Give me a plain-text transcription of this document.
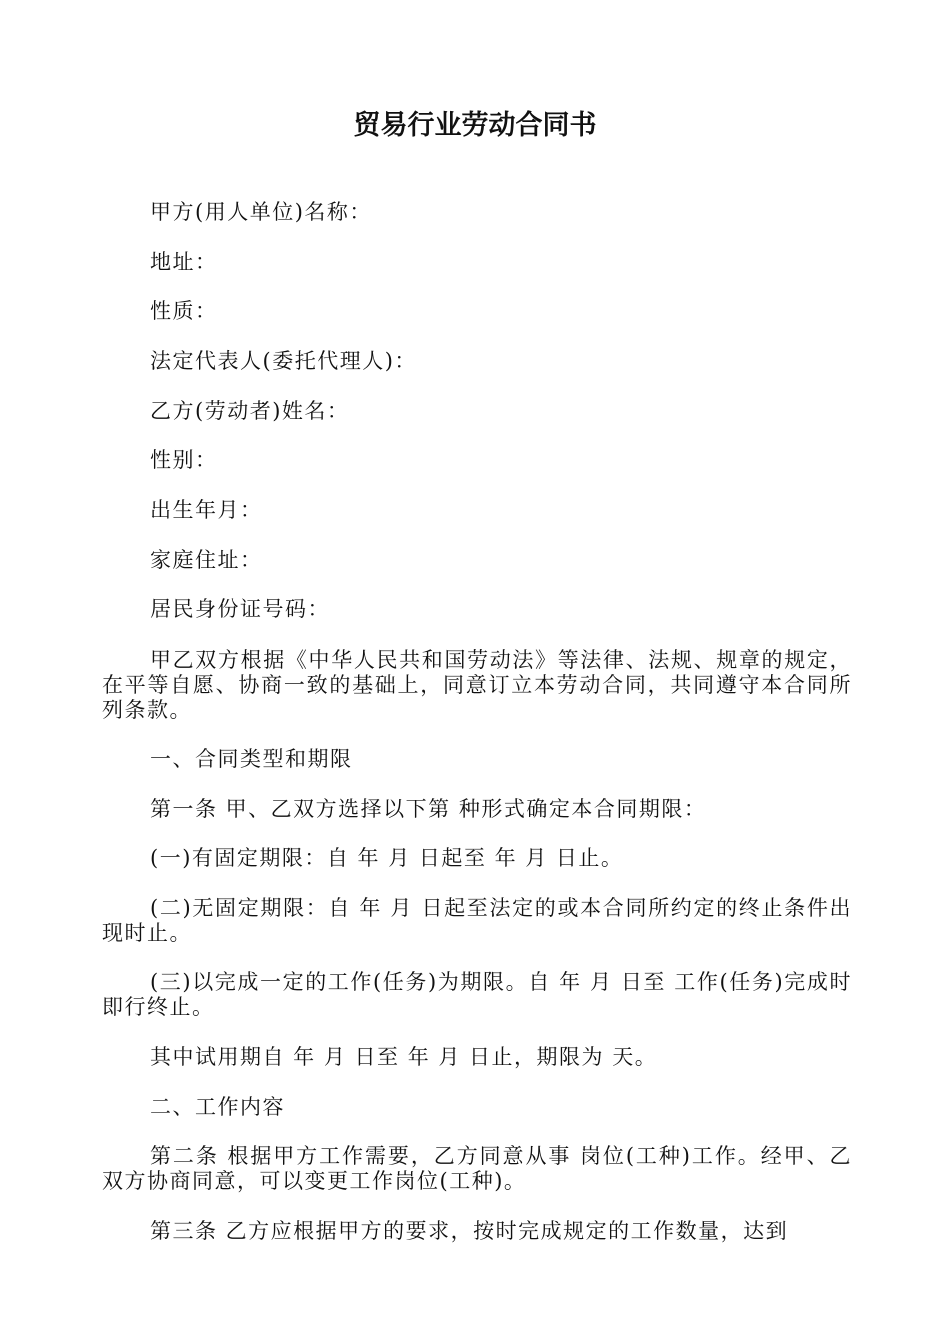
贸易行业劳动合同书
甲方(用人单位)名称：
地址：
性质：
法定代表人(委托代理人)：
乙方(劳动者)姓名：
性别：
出生年月：
家庭住址：
居民身份证号码：
甲乙双方根据《中华人民共和国劳动法》等法律、法规、规章的规定，在平等自愿、协商一致的基础上，同意订立本劳动合同，共同遵守本合同所列条款。
一、合同类型和期限
第一条 甲、乙双方选择以下第 种形式确定本合同期限：
(一)有固定期限：自 年 月 日起至 年 月 日止。
(二)无固定期限：自 年 月 日起至法定的或本合同所约定的终止条件出现时止。
(三)以完成一定的工作(任务)为期限。自 年 月 日至 工作(任务)完成时即行终止。
其中试用期自 年 月 日至 年 月 日止，期限为 天。
二、工作内容
第二条 根据甲方工作需要，乙方同意从事 岗位(工种)工作。经甲、乙双方协商同意，可以变更工作岗位(工种)。
第三条 乙方应根据甲方的要求，按时完成规定的工作数量，达到
